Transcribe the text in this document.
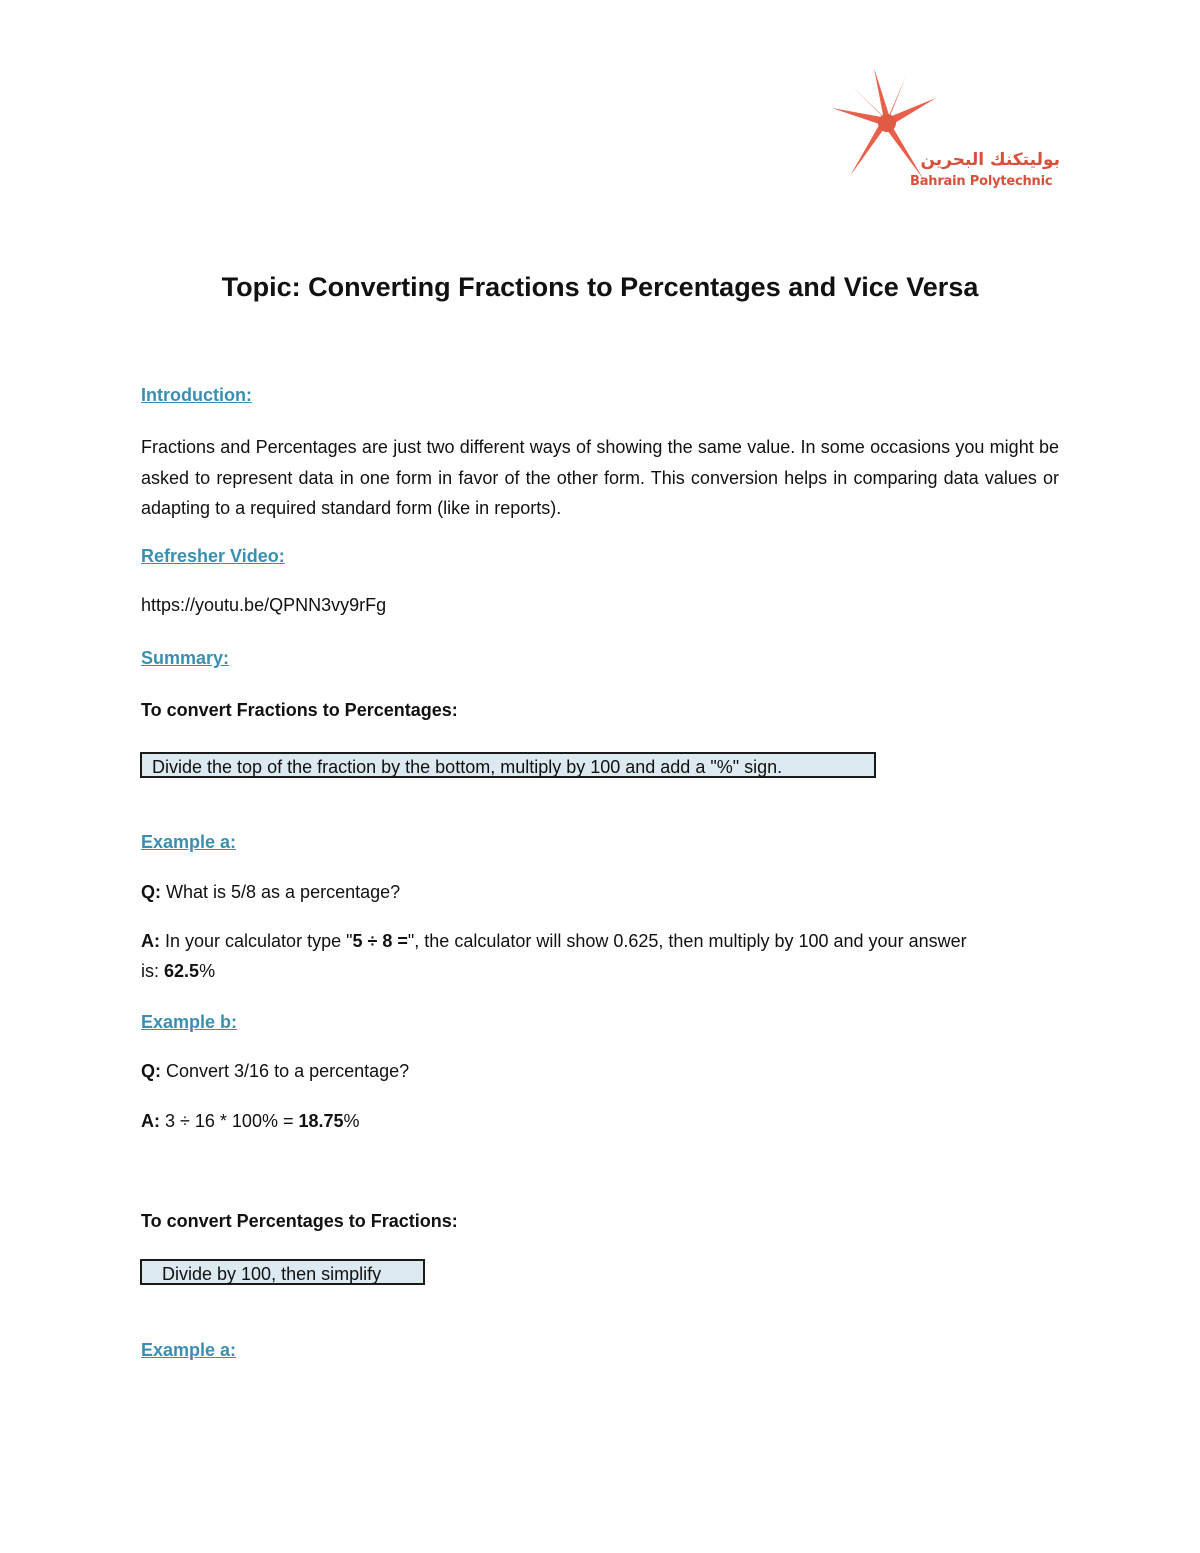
بوليتكنك البحرين
Bahrain Polytechnic
Topic: Converting Fractions to Percentages and Vice Versa
Introduction:
Fractions and Percentages are just two different ways of showing the same value. In some occasions you might be asked to represent data in one form in favor of the other form. This conversion helps in comparing data values or adapting to a required standard form (like in reports).
Refresher Video:
https://youtu.be/QPNN3vy9rFg
Summary:
To convert Fractions to Percentages:
Divide the top of the fraction by the bottom, multiply by 100 and add a "%" sign.
Example a:
Q: What is 5/8 as a percentage?
A: In your calculator type "5 ÷ 8 =", the calculator will show 0.625, then multiply by 100 and your answer
is: 62.5%
Example b:
Q: Convert 3/16 to a percentage?
A: 3 ÷ 16 * 100% = 18.75%
To convert Percentages to Fractions:
Divide by 100, then simplify
Example a:
